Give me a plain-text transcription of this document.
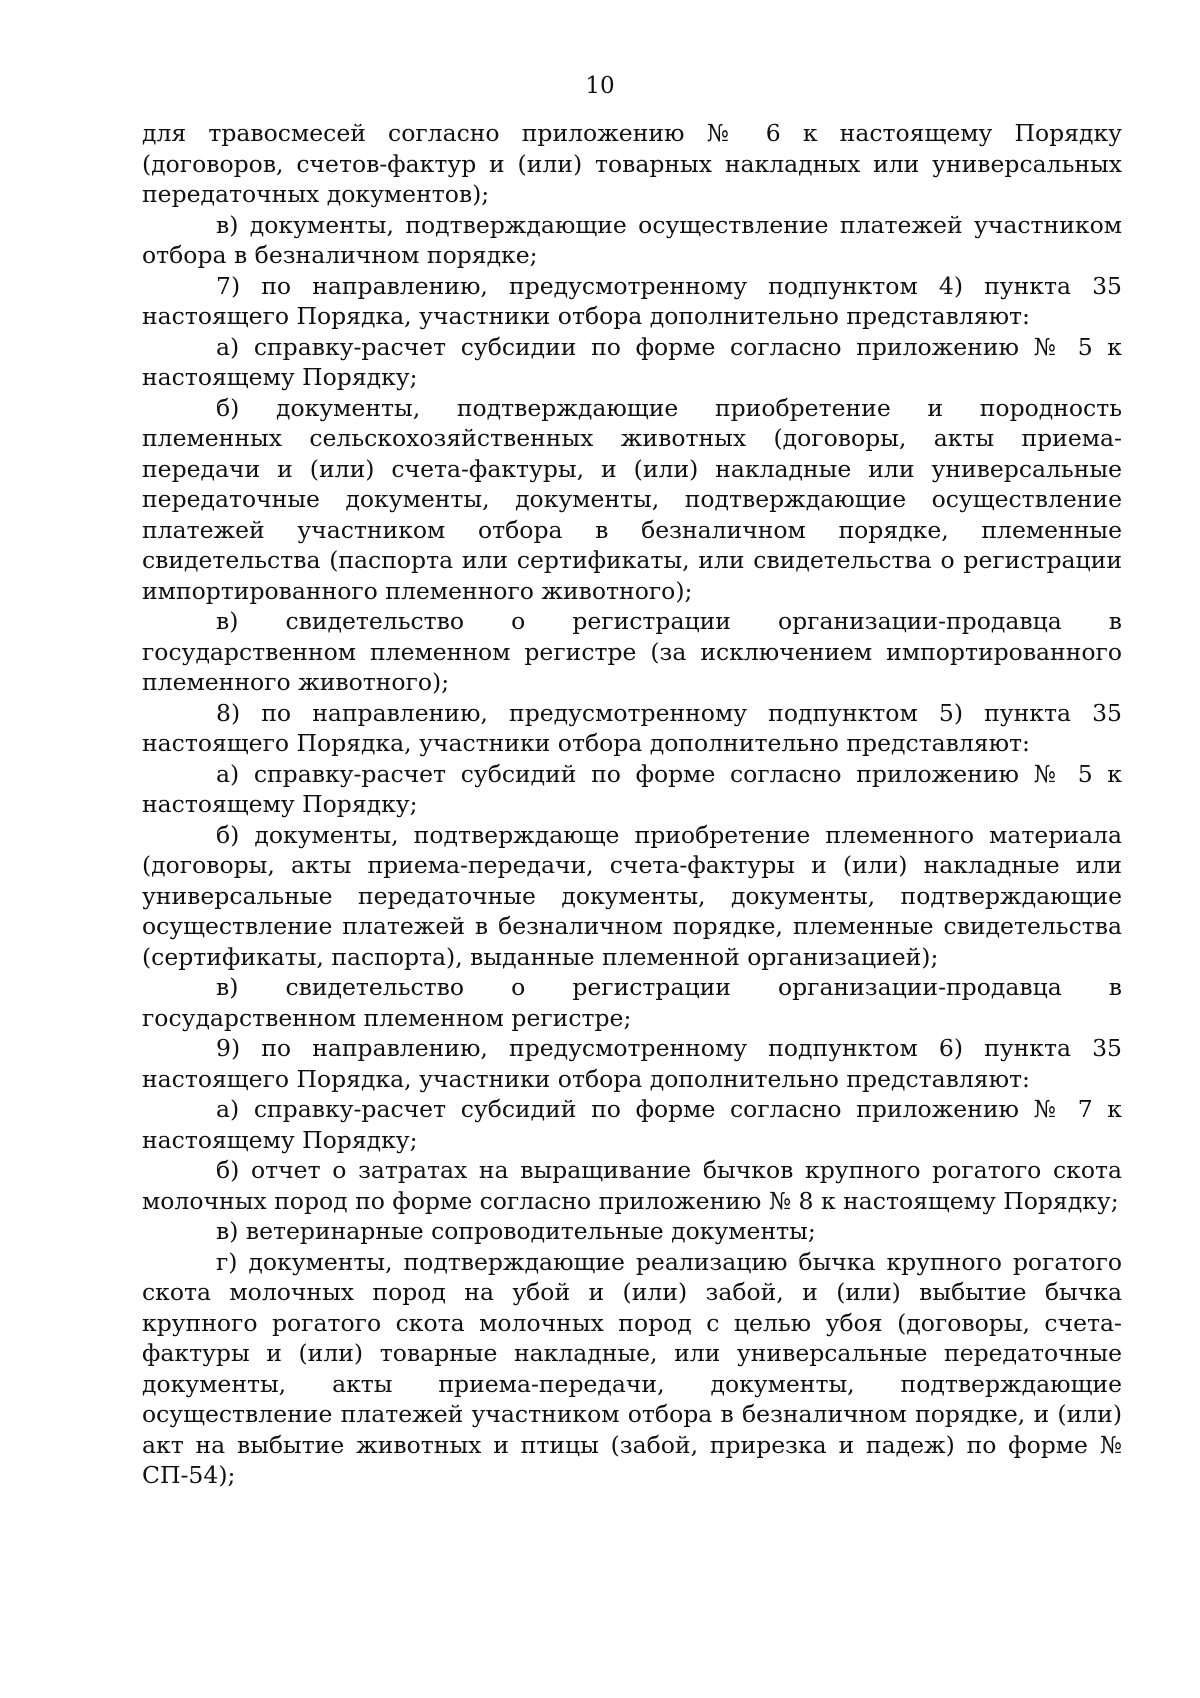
10

для травосмесей согласно приложению № 6 к настоящему Порядку (договоров, счетов-фактур и (или) товарных накладных или универсальных передаточных документов);

в) документы, подтверждающие осуществление платежей участником отбора в безналичном порядке;

7) по направлению, предусмотренному подпунктом 4) пункта 35 настоящего Порядка, участники отбора дополнительно представляют:

а) справку-расчет субсидии по форме согласно приложению № 5 к настоящему Порядку;

б) документы, подтверждающие приобретение и породность племенных сельскохозяйственных животных (договоры, акты приема-передачи и (или) счета-фактуры, и (или) накладные или универсальные передаточные документы, документы, подтверждающие осуществление платежей участником отбора в безналичном порядке, племенные свидетельства (паспорта или сертификаты, или свидетельства о регистрации импортированного племенного животного);

в) свидетельство о регистрации организации-продавца в государственном племенном регистре (за исключением импортированного племенного животного);

8) по направлению, предусмотренному подпунктом 5) пункта 35 настоящего Порядка, участники отбора дополнительно представляют:

а) справку-расчет субсидий по форме согласно приложению № 5 к настоящему Порядку;

б) документы, подтверждающе приобретение племенного материала (договоры, акты приема-передачи, счета-фактуры и (или) накладные или универсальные передаточные документы, документы, подтверждающие осуществление платежей в безналичном порядке, племенные свидетельства (сертификаты, паспорта), выданные племенной организацией);

в) свидетельство о регистрации организации-продавца в государственном племенном регистре;

9) по направлению, предусмотренному подпунктом 6) пункта 35 настоящего Порядка, участники отбора дополнительно представляют:

а) справку-расчет субсидий по форме согласно приложению № 7 к настоящему Порядку;

б) отчет о затратах на выращивание бычков крупного рогатого скота молочных пород по форме согласно приложению № 8 к настоящему Порядку;

в) ветеринарные сопроводительные документы;

г) документы, подтверждающие реализацию бычка крупного рогатого скота молочных пород на убой и (или) забой, и (или) выбытие бычка крупного рогатого скота молочных пород с целью убоя (договоры, счета-фактуры и (или) товарные накладные, или универсальные передаточные документы, акты приема-передачи, документы, подтверждающие осуществление платежей участником отбора в безналичном порядке, и (или) акт на выбытие животных и птицы (забой, прирезка и падеж) по форме № СП-54);
